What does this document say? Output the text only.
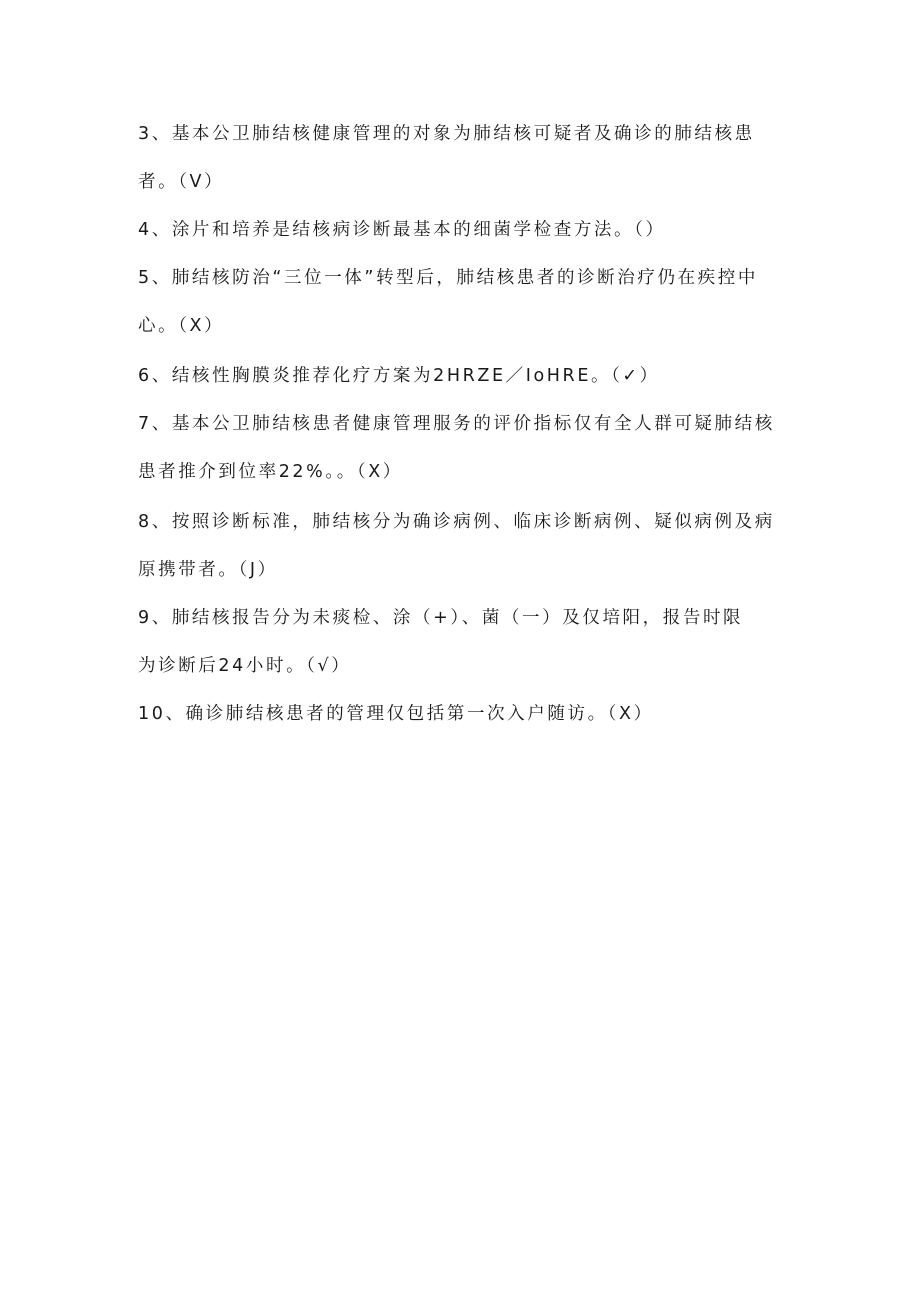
3、基本公卫肺结核健康管理的对象为肺结核可疑者及确诊的肺结核患
者。（V）
4、涂片和培养是结核病诊断最基本的细菌学检查方法。（）
5、肺结核防治“三位一体”转型后，肺结核患者的诊断治疗仍在疾控中
心。（X）
6、结核性胸膜炎推荐化疗方案为2HRZE／IoHRE。（✓）
7、基本公卫肺结核患者健康管理服务的评价指标仅有全人群可疑肺结核
患者推介到位率22%。。（X）
8、按照诊断标准，肺结核分为确诊病例、临床诊断病例、疑似病例及病
原携带者。（J）
9、肺结核报告分为未痰检、涂（+）、菌（一）及仅培阳，报告时限
为诊断后24小时。（√）
10、确诊肺结核患者的管理仅包括第一次入户随访。（X）
